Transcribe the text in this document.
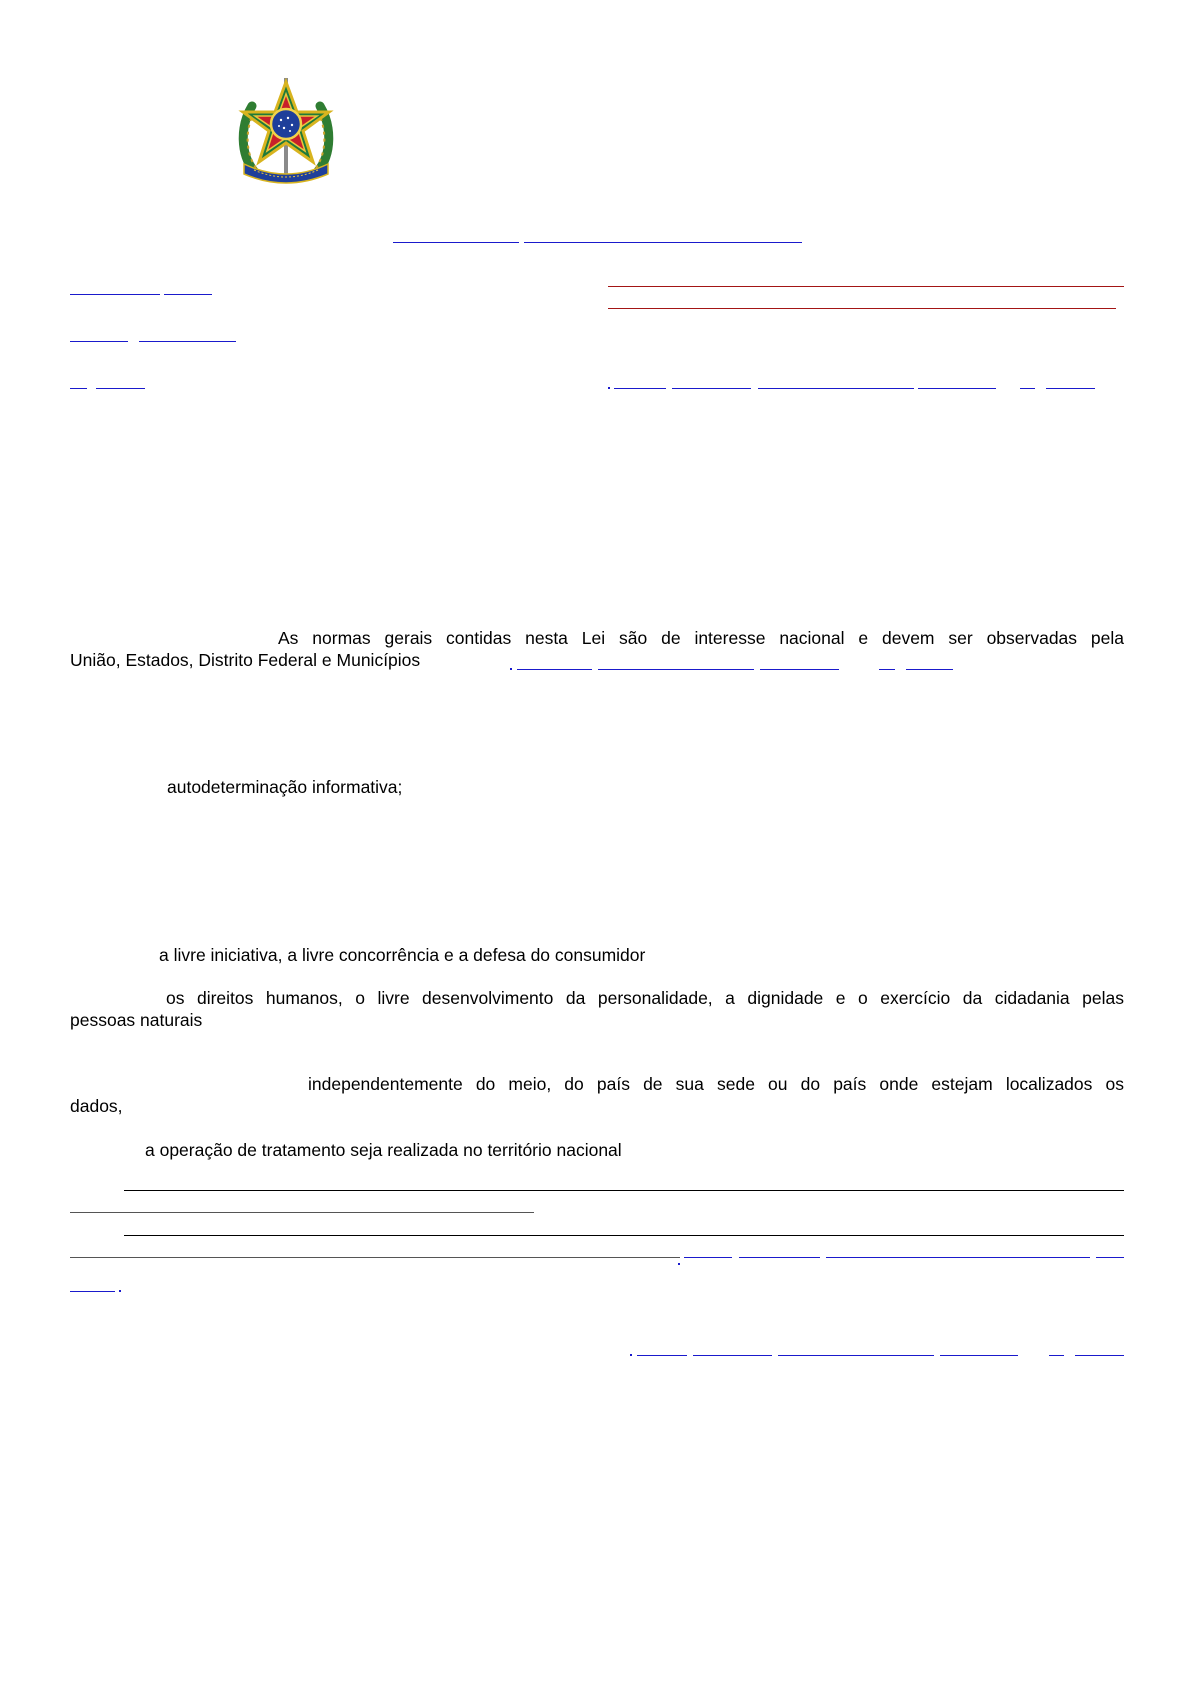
As normas gerais contidas nesta Lei são de interesse nacional e devem ser observadas pela
União, Estados, Distrito Federal e Municípios
autodeterminação informativa;
a livre iniciativa, a livre concorrência e a defesa do consumidor
os direitos humanos, o livre desenvolvimento da personalidade, a dignidade e o exercício da cidadania pelas
pessoas naturais
independentemente do meio, do país de sua sede ou do país onde estejam localizados os
dados,
a operação de tratamento seja realizada no território nacional
